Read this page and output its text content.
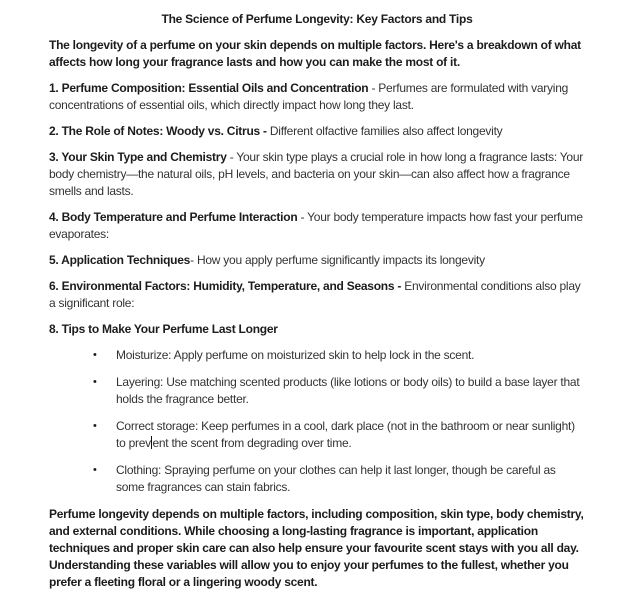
The Science of Perfume Longevity: Key Factors and Tips

The longevity of a perfume on your skin depends on multiple factors. Here's a breakdown of what affects how long your fragrance lasts and how you can make the most of it.

1. Perfume Composition: Essential Oils and Concentration - Perfumes are formulated with varying concentrations of essential oils, which directly impact how long they last.

2. The Role of Notes: Woody vs. Citrus - Different olfactive families also affect longevity

3. Your Skin Type and Chemistry - Your skin type plays a crucial role in how long a fragrance lasts: Your body chemistry—the natural oils, pH levels, and bacteria on your skin—can also affect how a fragrance smells and lasts.

4. Body Temperature and Perfume Interaction - Your body temperature impacts how fast your perfume evaporates:

5. Application Techniques- How you apply perfume significantly impacts its longevity

6. Environmental Factors: Humidity, Temperature, and Seasons - Environmental conditions also play a significant role:

8. Tips to Make Your Perfume Last Longer

• Moisturize: Apply perfume on moisturized skin to help lock in the scent.
• Layering: Use matching scented products (like lotions or body oils) to build a base layer that holds the fragrance better.
• Correct storage: Keep perfumes in a cool, dark place (not in the bathroom or near sunlight) to prev ent the scent from degrading over time.
• Clothing: Spraying perfume on your clothes can help it last longer, though be careful as some fragrances can stain fabrics.

Perfume longevity depends on multiple factors, including composition, skin type, body chemistry, and external conditions. While choosing a long-lasting fragrance is important, application techniques and proper skin care can also help ensure your favourite scent stays with you all day. Understanding these variables will allow you to enjoy your perfumes to the fullest, whether you prefer a fleeting floral or a lingering woody scent.
